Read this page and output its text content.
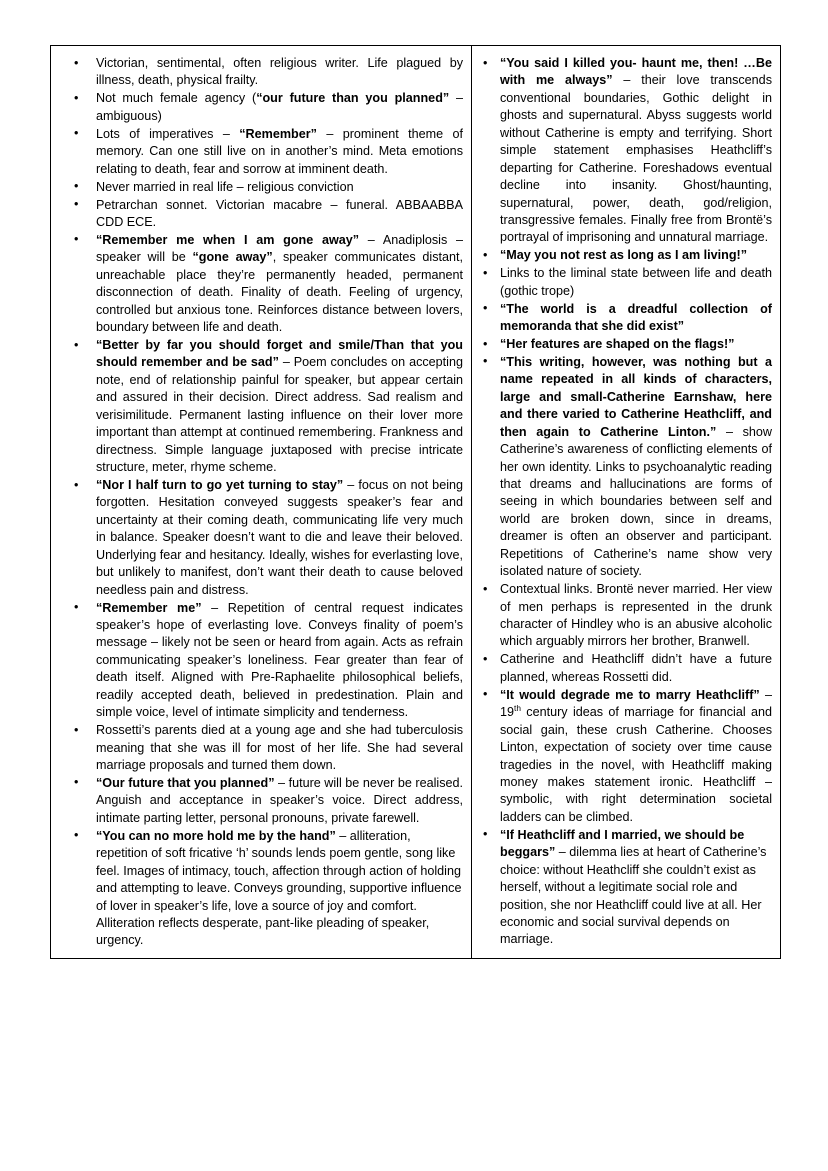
• Victorian, sentimental, often religious writer. Life plagued by illness, death, physical frailty.
• Not much female agency (“our future than you planned” – ambiguous)
• Lots of imperatives – “Remember” – prominent theme of memory. Can one still live on in another’s mind. Meta emotions relating to death, fear and sorrow at imminent death.
• Never married in real life – religious conviction
• Petrarchan sonnet. Victorian macabre – funeral. ABBAABBA CDD ECE.
• “Remember me when I am gone away” – Anadiplosis – speaker will be “gone away”, speaker communicates distant, unreachable place they’re permanently headed, permanent disconnection of death. Finality of death. Feeling of urgency, controlled but anxious tone. Reinforces distance between lovers, boundary between life and death.
• “Better by far you should forget and smile/Than that you should remember and be sad” – Poem concludes on accepting note, end of relationship painful for speaker, but appear certain and assured in their decision. Direct address. Sad realism and verisimilitude. Permanent lasting influence on their lover more important than attempt at continued remembering. Frankness and directness. Simple language juxtaposed with precise intricate structure, meter, rhyme scheme.
• “Nor I half turn to go yet turning to stay” – focus on not being forgotten. Hesitation conveyed suggests speaker’s fear and uncertainty at their coming death, communicating life very much in balance. Speaker doesn’t want to die and leave their beloved. Underlying fear and hesitancy. Ideally, wishes for everlasting love, but unlikely to manifest, don’t want their death to cause beloved needless pain and distress.
• “Remember me” – Repetition of central request indicates speaker’s hope of everlasting love. Conveys finality of poem’s message – likely not be seen or heard from again. Acts as refrain communicating speaker’s loneliness. Fear greater than fear of death itself. Aligned with Pre-Raphaelite philosophical beliefs, readily accepted death, believed in predestination. Plain and simple voice, level of intimate simplicity and tenderness.
• Rossetti’s parents died at a young age and she had tuberculosis meaning that she was ill for most of her life. She had several marriage proposals and turned them down.
• “Our future that you planned” – future will be never be realised. Anguish and acceptance in speaker’s voice. Direct address, intimate parting letter, personal pronouns, private farewell.
• “You can no more hold me by the hand” – alliteration, repetition of soft fricative ‘h’ sounds lends poem gentle, song like feel. Images of intimacy, touch, affection through action of holding and attempting to leave. Conveys grounding, supportive influence of lover in speaker’s life, love a source of joy and comfort. Alliteration reflects desperate, pant-like pleading of speaker, urgency.

• “You said I killed you- haunt me, then! …Be with me always” – their love transcends conventional boundaries, Gothic delight in ghosts and supernatural. Abyss suggests world without Catherine is empty and terrifying. Short simple statement emphasises Heathcliff’s departing for Catherine. Foreshadows eventual decline into insanity. Ghost/haunting, supernatural, power, death, god/religion, transgressive females. Finally free from Brontë’s portrayal of imprisoning and unnatural marriage.
• “May you not rest as long as I am living!”
• Links to the liminal state between life and death (gothic trope)
• “The world is a dreadful collection of memoranda that she did exist”
• “Her features are shaped on the flags!”
• “This writing, however, was nothing but a name repeated in all kinds of characters, large and small-Catherine Earnshaw, here and there varied to Catherine Heathcliff, and then again to Catherine Linton.” – show Catherine’s awareness of conflicting elements of her own identity. Links to psychoanalytic reading that dreams and hallucinations are forms of seeing in which boundaries between self and world are broken down, since in dreams, dreamer is often an observer and participant. Repetitions of Catherine’s name show very isolated nature of society.
• Contextual links. Brontë never married. Her view of men perhaps is represented in the drunk character of Hindley who is an abusive alcoholic which arguably mirrors her brother, Branwell.
• Catherine and Heathcliff didn’t have a future planned, whereas Rossetti did.
• “It would degrade me to marry Heathcliff” – 19th century ideas of marriage for financial and social gain, these crush Catherine. Chooses Linton, expectation of society over time cause tragedies in the novel, with Heathcliff making money makes statement ironic. Heathcliff – symbolic, with right determination societal ladders can be climbed.
• “If Heathcliff and I married, we should be beggars” – dilemma lies at heart of Catherine’s choice: without Heathcliff she couldn’t exist as herself, without a legitimate social role and position, she nor Heathcliff could live at all. Her economic and social survival depends on marriage.
